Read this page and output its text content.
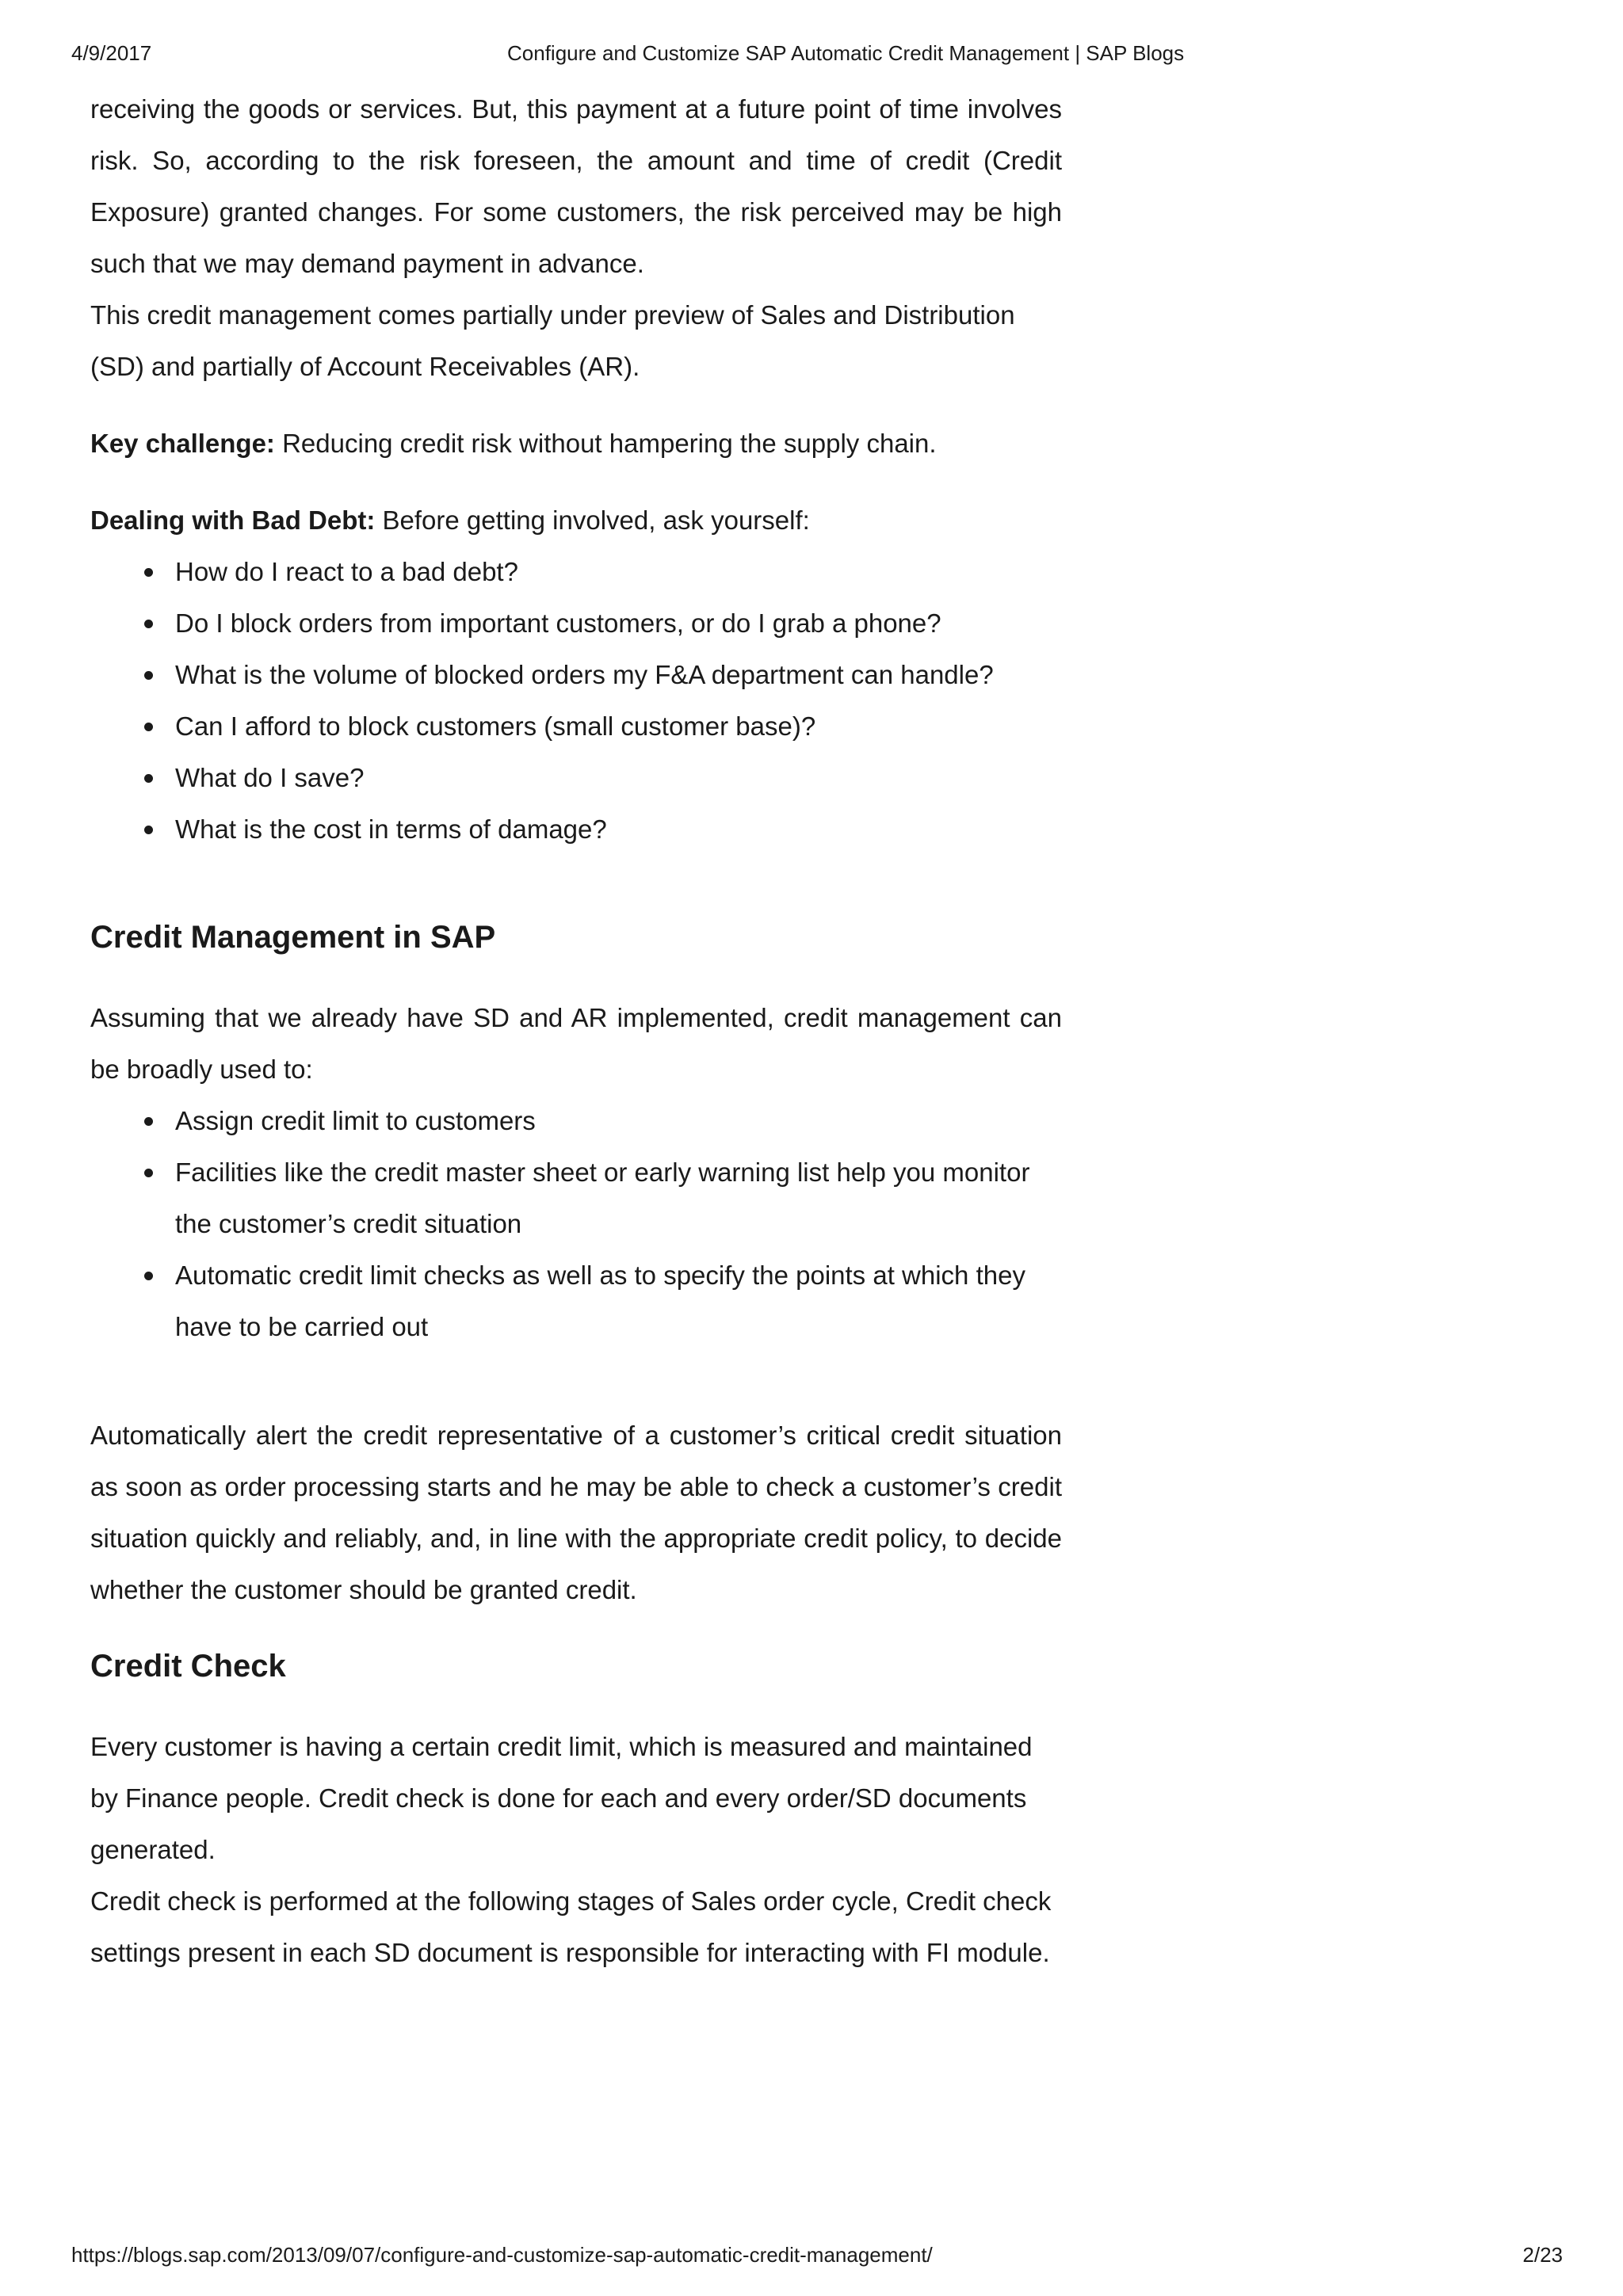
4/9/2017	Configure and Customize SAP Automatic Credit Management | SAP Blogs

receiving the goods or services. But, this payment at a future point of time involves risk. So, according to the risk foreseen, the amount and time of credit (Credit Exposure) granted changes. For some customers, the risk perceived may be high such that we may demand payment in advance.

This credit management comes partially under preview of Sales and Distribution (SD) and partially of Account Receivables (AR).

Key challenge: Reducing credit risk without hampering the supply chain.

Dealing with Bad Debt: Before getting involved, ask yourself:

How do I react to a bad debt?
Do I block orders from important customers, or do I grab a phone?
What is the volume of blocked orders my F&A department can handle?
Can I afford to block customers (small customer base)?
What do I save?
What is the cost in terms of damage?
Credit Management in SAP

Assuming that we already have SD and AR implemented, credit management can be broadly used to:

Assign credit limit to customers
Facilities like the credit master sheet or early warning list help you monitor the customer’s credit situation
Automatic credit limit checks as well as to specify the points at which they have to be carried out

Automatically alert the credit representative of a customer’s critical credit situation as soon as order processing starts and he may be able to check a customer’s credit situation quickly and reliably, and, in line with the appropriate credit policy, to decide whether the customer should be granted credit.

Credit Check

Every customer is having a certain credit limit, which is measured and maintained by Finance people. Credit check is done for each and every order/SD documents generated.

Credit check is performed at the following stages of Sales order cycle, Credit check settings present in each SD document is responsible for interacting with FI module.

https://blogs.sap.com/2013/09/07/configure-and-customize-sap-automatic-credit-management/	2/23
